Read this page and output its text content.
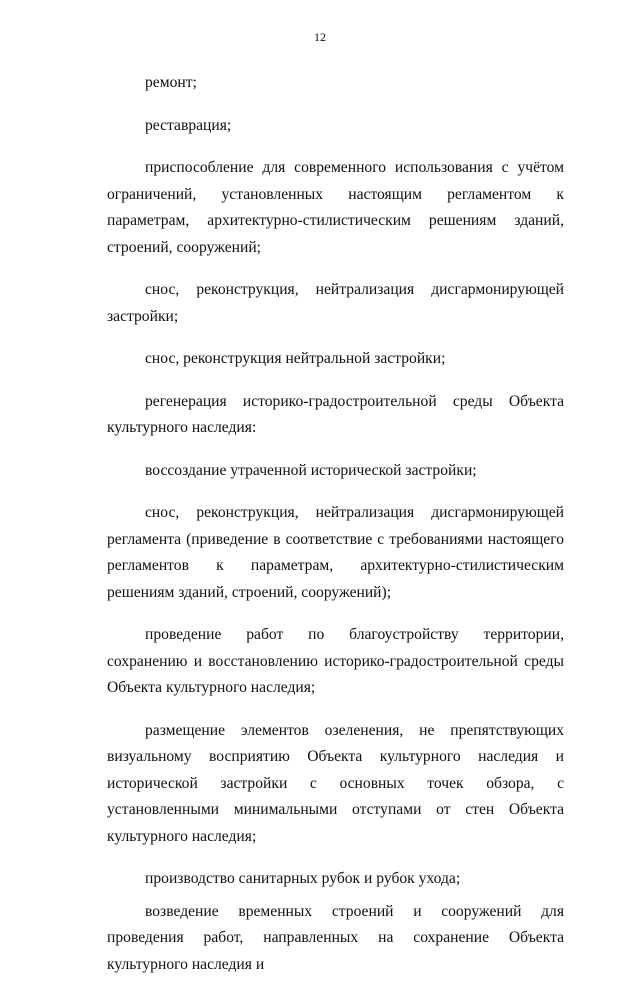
12

ремонт;

реставрация;

приспособление для современного использования с учётом ограничений, установленных настоящим регламентом к параметрам, архитектурно-стилистическим решениям зданий, строений, сооружений;

снос, реконструкция, нейтрализация дисгармонирующей застройки;

снос, реконструкция нейтральной застройки;

регенерация историко-градостроительной среды Объекта культурного наследия:

воссоздание утраченной исторической застройки;

снос, реконструкция, нейтрализация дисгармонирующей регламента (приведение в соответствие с требованиями настоящего регламентов к параметрам, архитектурно-стилистическим решениям зданий, строений, сооружений);

проведение работ по благоустройству территории, сохранению и восстановлению историко-градостроительной среды Объекта культурного наследия;

размещение элементов озеленения, не препятствующих визуальному восприятию Объекта культурного наследия и исторической застройки с основных точек обзора, с установленными минимальными отступами от стен Объекта культурного наследия;

производство санитарных рубок и рубок ухода;

возведение временных строений и сооружений для проведения работ, направленных на сохранение Объекта культурного наследия и
